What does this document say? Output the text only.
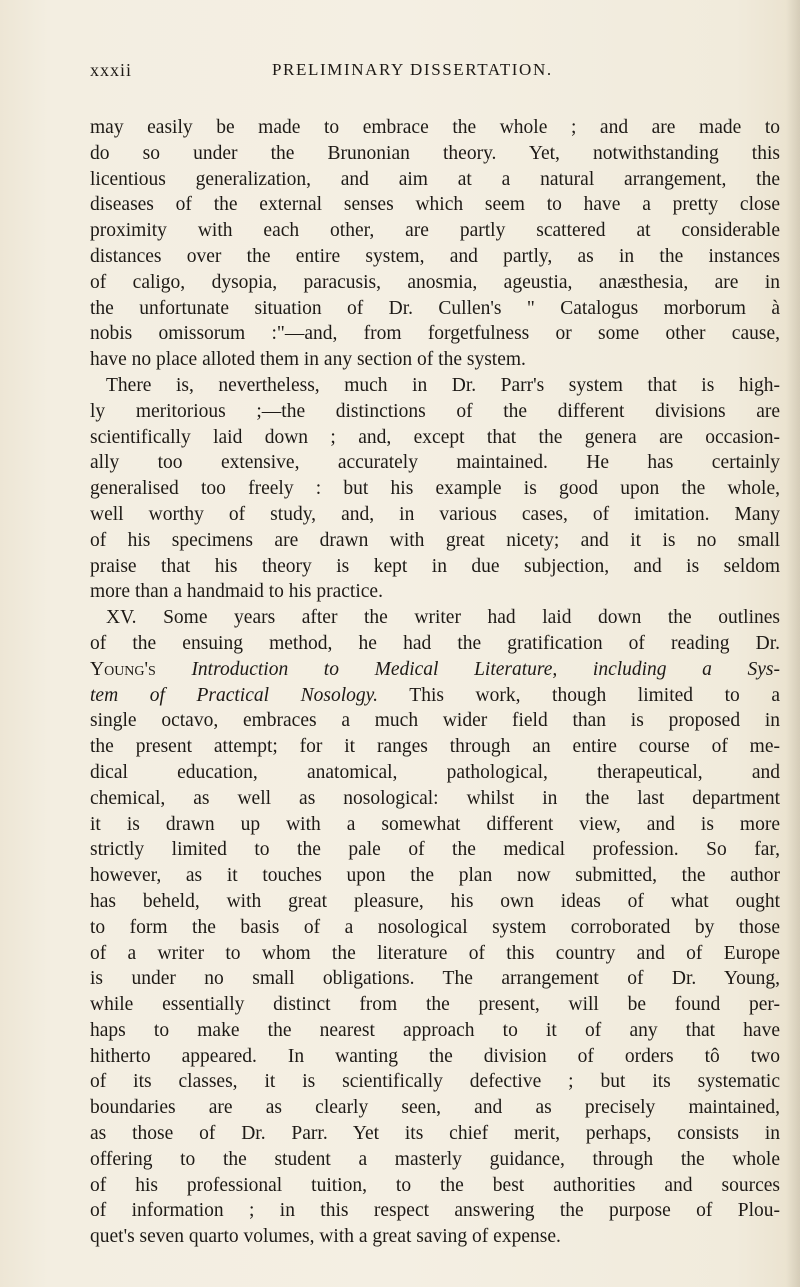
xxxii	PRELIMINARY DISSERTATION.
may easily be made to embrace the whole ; and are made to
do so under the Brunonian theory. Yet, notwithstanding this
licentious generalization, and aim at a natural arrangement, the
diseases of the external senses which seem to have a pretty close
proximity with each other, are partly scattered at considerable
distances over the entire system, and partly, as in the instances
of caligo, dysopia, paracusis, anosmia, ageustia, anæsthesia, are in
the unfortunate situation of Dr. Cullen's " Catalogus morborum à
nobis omissorum :"—and, from forgetfulness or some other cause,
have no place alloted them in any section of the system.
There is, nevertheless, much in Dr. Parr's system that is high-
ly meritorious ;—the distinctions of the different divisions are
scientifically laid down ; and, except that the genera are occasion-
ally too extensive, accurately maintained. He has certainly
generalised too freely : but his example is good upon the whole,
well worthy of study, and, in various cases, of imitation. Many
of his specimens are drawn with great nicety; and it is no small
praise that his theory is kept in due subjection, and is seldom
more than a handmaid to his practice.
XV. Some years after the writer had laid down the outlines
of the ensuing method, he had the gratification of reading Dr.
Young's Introduction to Medical Literature, including a Sys-
tem of Practical Nosology. This work, though limited to a
single octavo, embraces a much wider field than is proposed in
the present attempt; for it ranges through an entire course of me-
dical education, anatomical, pathological, therapeutical, and
chemical, as well as nosological: whilst in the last department
it is drawn up with a somewhat different view, and is more
strictly limited to the pale of the medical profession. So far,
however, as it touches upon the plan now submitted, the author
has beheld, with great pleasure, his own ideas of what ought
to form the basis of a nosological system corroborated by those
of a writer to whom the literature of this country and of Europe
is under no small obligations. The arrangement of Dr. Young,
while essentially distinct from the present, will be found per-
haps to make the nearest approach to it of any that have
hitherto appeared. In wanting the division of orders tô two
of its classes, it is scientifically defective ; but its systematic
boundaries are as clearly seen, and as precisely maintained,
as those of Dr. Parr. Yet its chief merit, perhaps, consists in
offering to the student a masterly guidance, through the whole
of his professional tuition, to the best authorities and sources
of information ; in this respect answering the purpose of Plou-
quet's seven quarto volumes, with a great saving of expense.
